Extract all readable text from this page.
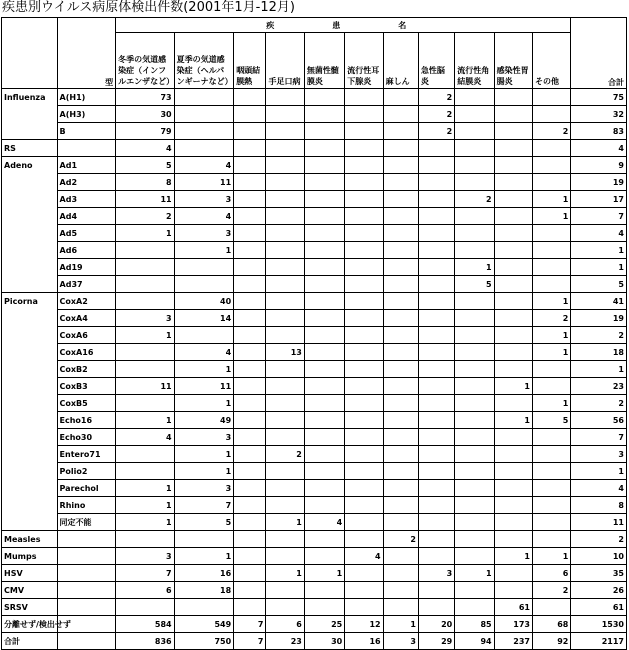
疾患別ウイルス病原体検出件数(2001年1月-12月)
	型	疾　　患　　名											合計
		冬季の気道感染症（インフルエンザなど）	夏季の気道感染症（ヘルパンギーナなど）	咽頭結膜熱	手足口病	無菌性髄膜炎	流行性耳下腺炎	麻しん	急性脳炎	流行性角結膜炎	感染性胃腸炎	その他	
Influenza	A(H1)	73							2				75
	A(H3)	30							2				32
	B	79							2			2	83
RS		4											4
Adeno	Ad1	5	4										9
	Ad2	8	11										19
	Ad3	11	3							2		1	17
	Ad4	2	4									1	7
	Ad5	1	3										4
	Ad6		1										1
	Ad19									1			1
	Ad37									5			5
Picorna	CoxA2		40									1	41
	CoxA4	3	14									2	19
	CoxA6	1										1	2
	CoxA16		4		13							1	18
	CoxB2		1										1
	CoxB3	11	11								1		23
	CoxB5		1									1	2
	Echo16	1	49								1	5	56
	Echo30	4	3										7
	Entero71		1		2								3
	Polio2		1										1
	Parechol	1	3										4
	Rhino	1	7										8
	同定不能	1	5		1	4							11
Measles								2					2
Mumps		3	1				4				1	1	10
HSV		7	16		1	1			3	1		6	35
CMV		6	18									2	26
SRSV											61		61
分離せず/検出せず		584	549	7	6	25	12	1	20	85	173	68	1530
合計		836	750	7	23	30	16	3	29	94	237	92	2117
